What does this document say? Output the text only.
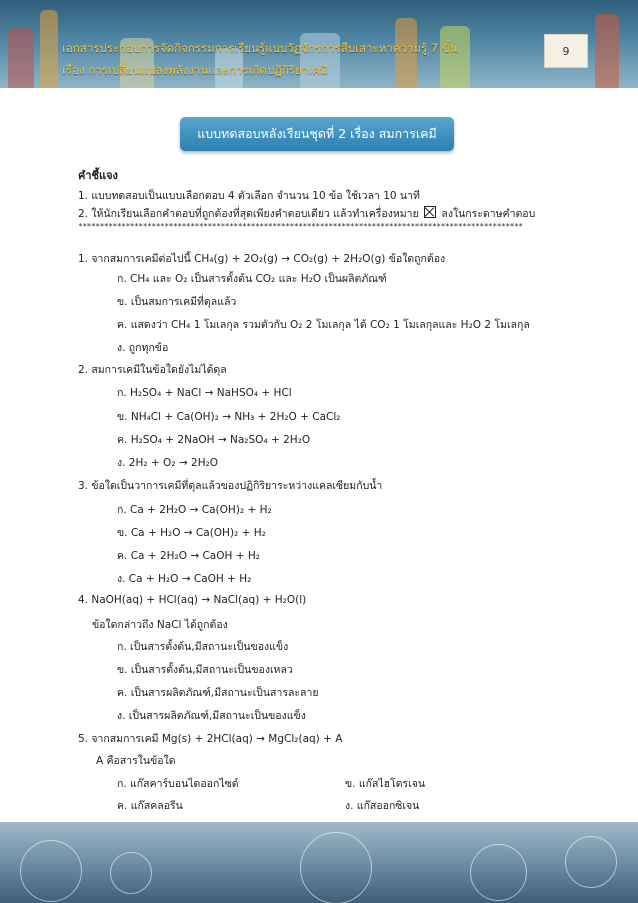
เอกสารประกอบการจัดกิจกรรมการเรียนรู้แบบวัฏจักรการสืบเสาะหาความรู้ 7 ขั้น
เรื่อง การเปลี่ยนแปลงพลังงานและการเกิดปฏิกิริยาเคมี
9
แบบทดสอบหลังเรียนชุดที่ 2 เรื่อง สมการเคมี
คำชี้แจง
1. แบบทดสอบเป็นแบบเลือกตอบ 4 ตัวเลือก จำนวน 10 ข้อ ใช้เวลา 10 นาที
2. ให้นักเรียนเลือกคำตอบที่ถูกต้องที่สุดเพียงคำตอบเดียว แล้วทำเครื่องหมาย ลงในกระดาษคำตอบ
*******************************************************************************************************
1. จากสมการเคมีต่อไปนี้ CH₄(g) + 2O₂(g) → CO₂(g) + 2H₂O(g) ข้อใดถูกต้อง
ก. CH₄ และ O₂ เป็นสารตั้งต้น CO₂ และ H₂O เป็นผลิตภัณฑ์
ข. เป็นสมการเคมีที่ดุลแล้ว
ค. แสดงว่า CH₄ 1 โมเลกุล รวมตัวกับ O₂ 2 โมเลกุล ได้ CO₂ 1 โมเลกุลและ H₂O 2 โมเลกุล
ง. ถูกทุกข้อ
2. สมการเคมีในข้อใดยังไม่ได้ดุล
ก. H₂SO₄ + NaCl → NaHSO₄ + HCl
ข. NH₄Cl + Ca(OH)₂ → NH₃ + 2H₂O + CaCl₂
ค. H₂SO₄ + 2NaOH → Na₂SO₄ + 2H₂O
ง. 2H₂ + O₂ → 2H₂O
3. ข้อใดเป็นวาการเคมีที่ดุลแล้วของปฏิกิริยาระหว่างแคลเซียมกับน้ำ
ก. Ca + 2H₂O → Ca(OH)₂ + H₂
ข. Ca + H₂O → Ca(OH)₂ + H₂
ค. Ca + 2H₂O → CaOH + H₂
ง. Ca + H₂O → CaOH + H₂
4. NaOH(aq) + HCl(aq) → NaCl(aq) + H₂O(l)
ข้อใดกล่าวถึง NaCl ได้ถูกต้อง
ก. เป็นสารตั้งต้น,มีสถานะเป็นของแข็ง
ข. เป็นสารตั้งต้น,มีสถานะเป็นของเหลว
ค. เป็นสารผลิตภัณฑ์,มีสถานะเป็นสารละลาย
ง. เป็นสารผลิตภัณฑ์,มีสถานะเป็นของแข็ง
5. จากสมการเคมี Mg(s) + 2HCl(aq) → MgCl₂(aq) + A
A คือสารในข้อใด
ก. แก๊สคาร์บอนไดออกไซด์	ข. แก๊สไฮโดรเจน
ค. แก๊สคลอรีน	ง. แก๊สออกซิเจน
